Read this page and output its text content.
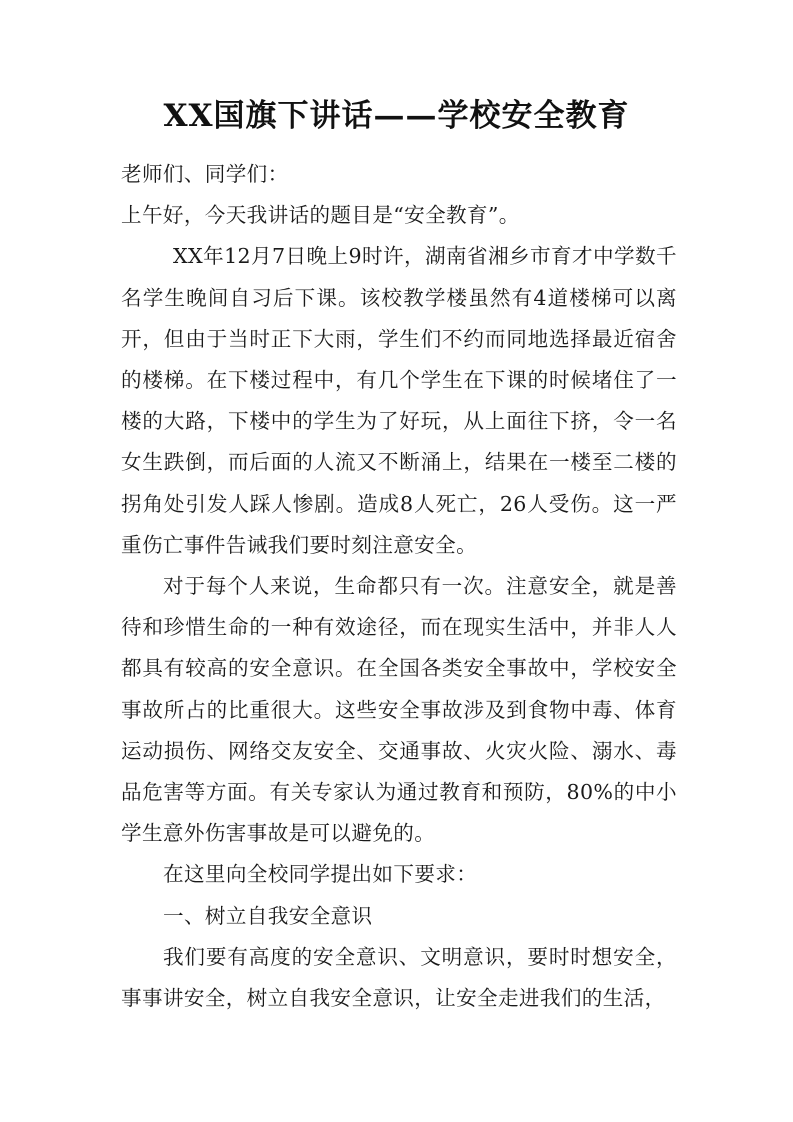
XX国旗下讲话——学校安全教育

老师们、同学们：

上午好，今天我讲话的题目是“安全教育”。

XX年12月7日晚上9时许，湖南省湘乡市育才中学数千名学生晚间自习后下课。该校教学楼虽然有4道楼梯可以离开，但由于当时正下大雨，学生们不约而同地选择最近宿舍的楼梯。在下楼过程中，有几个学生在下课的时候堵住了一楼的大路，下楼中的学生为了好玩，从上面往下挤，令一名女生跌倒，而后面的人流又不断涌上，结果在一楼至二楼的拐角处引发人踩人惨剧。造成8人死亡，26人受伤。这一严重伤亡事件告诫我们要时刻注意安全。

对于每个人来说，生命都只有一次。注意安全，就是善待和珍惜生命的一种有效途径，而在现实生活中，并非人人都具有较高的安全意识。在全国各类安全事故中，学校安全事故所占的比重很大。这些安全事故涉及到食物中毒、体育运动损伤、网络交友安全、交通事故、火灾火险、溺水、毒品危害等方面。有关专家认为通过教育和预防，80%的中小学生意外伤害事故是可以避免的。

在这里向全校同学提出如下要求：

一、树立自我安全意识

我们要有高度的安全意识、文明意识，要时时想安全，事事讲安全，树立自我安全意识，让安全走进我们的生活，
